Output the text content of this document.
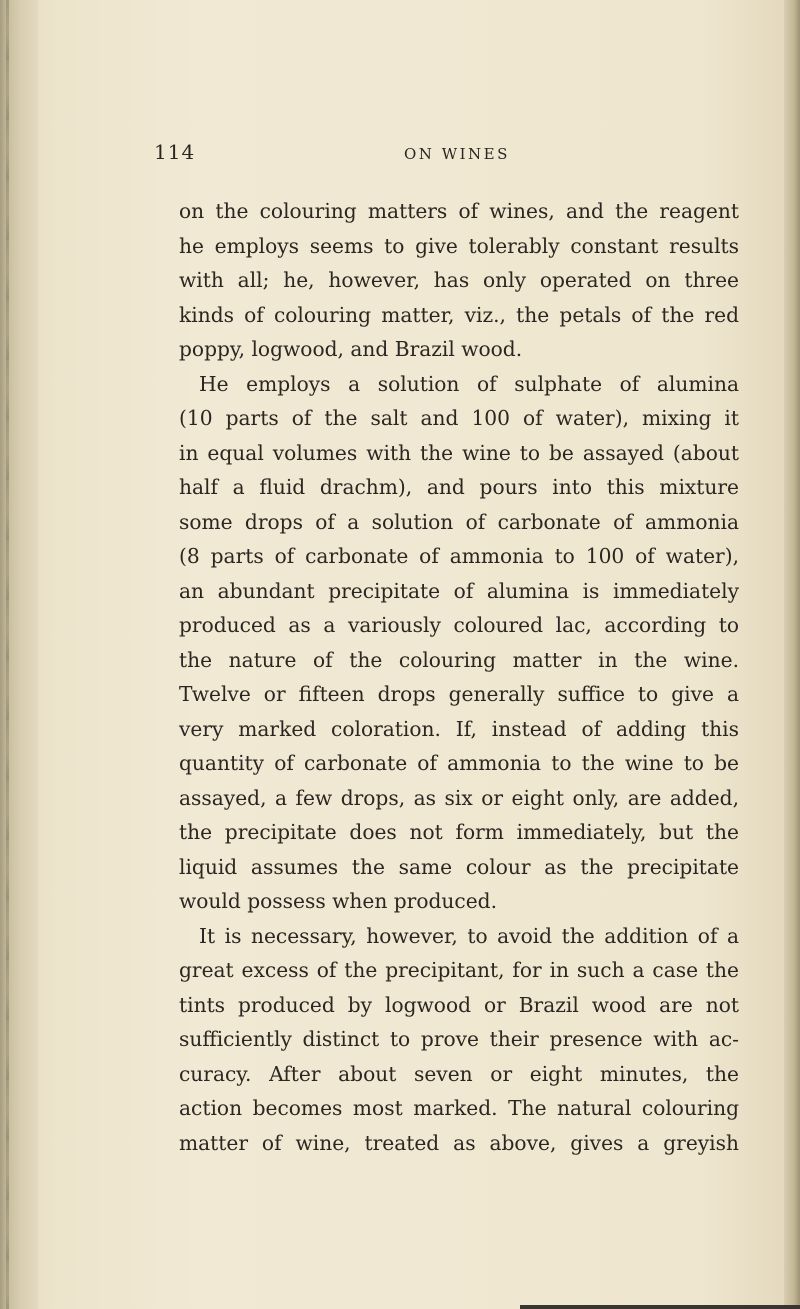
114	ON WINES
on the colouring matters of wines, and the reagent
he employs seems to give tolerably constant results
with all; he, however, has only operated on three
kinds of colouring matter, viz., the petals of the red
poppy, logwood, and Brazil wood.
He employs a solution of sulphate of alumina
(10 parts of the salt and 100 of water), mixing it
in equal volumes with the wine to be assayed (about
half a fluid drachm), and pours into this mixture
some drops of a solution of carbonate of ammonia
(8 parts of carbonate of ammonia to 100 of water),
an abundant precipitate of alumina is immediately
produced as a variously coloured lac, according to
the nature of the colouring matter in the wine.
Twelve or fifteen drops generally suffice to give a
very marked coloration. If, instead of adding this
quantity of carbonate of ammonia to the wine to be
assayed, a few drops, as six or eight only, are added,
the precipitate does not form immediately, but the
liquid assumes the same colour as the precipitate
would possess when produced.
It is necessary, however, to avoid the addition of a
great excess of the precipitant, for in such a case the
tints produced by logwood or Brazil wood are not
sufficiently distinct to prove their presence with ac-
curacy. After about seven or eight minutes, the
action becomes most marked. The natural colouring
matter of wine, treated as above, gives a greyish
